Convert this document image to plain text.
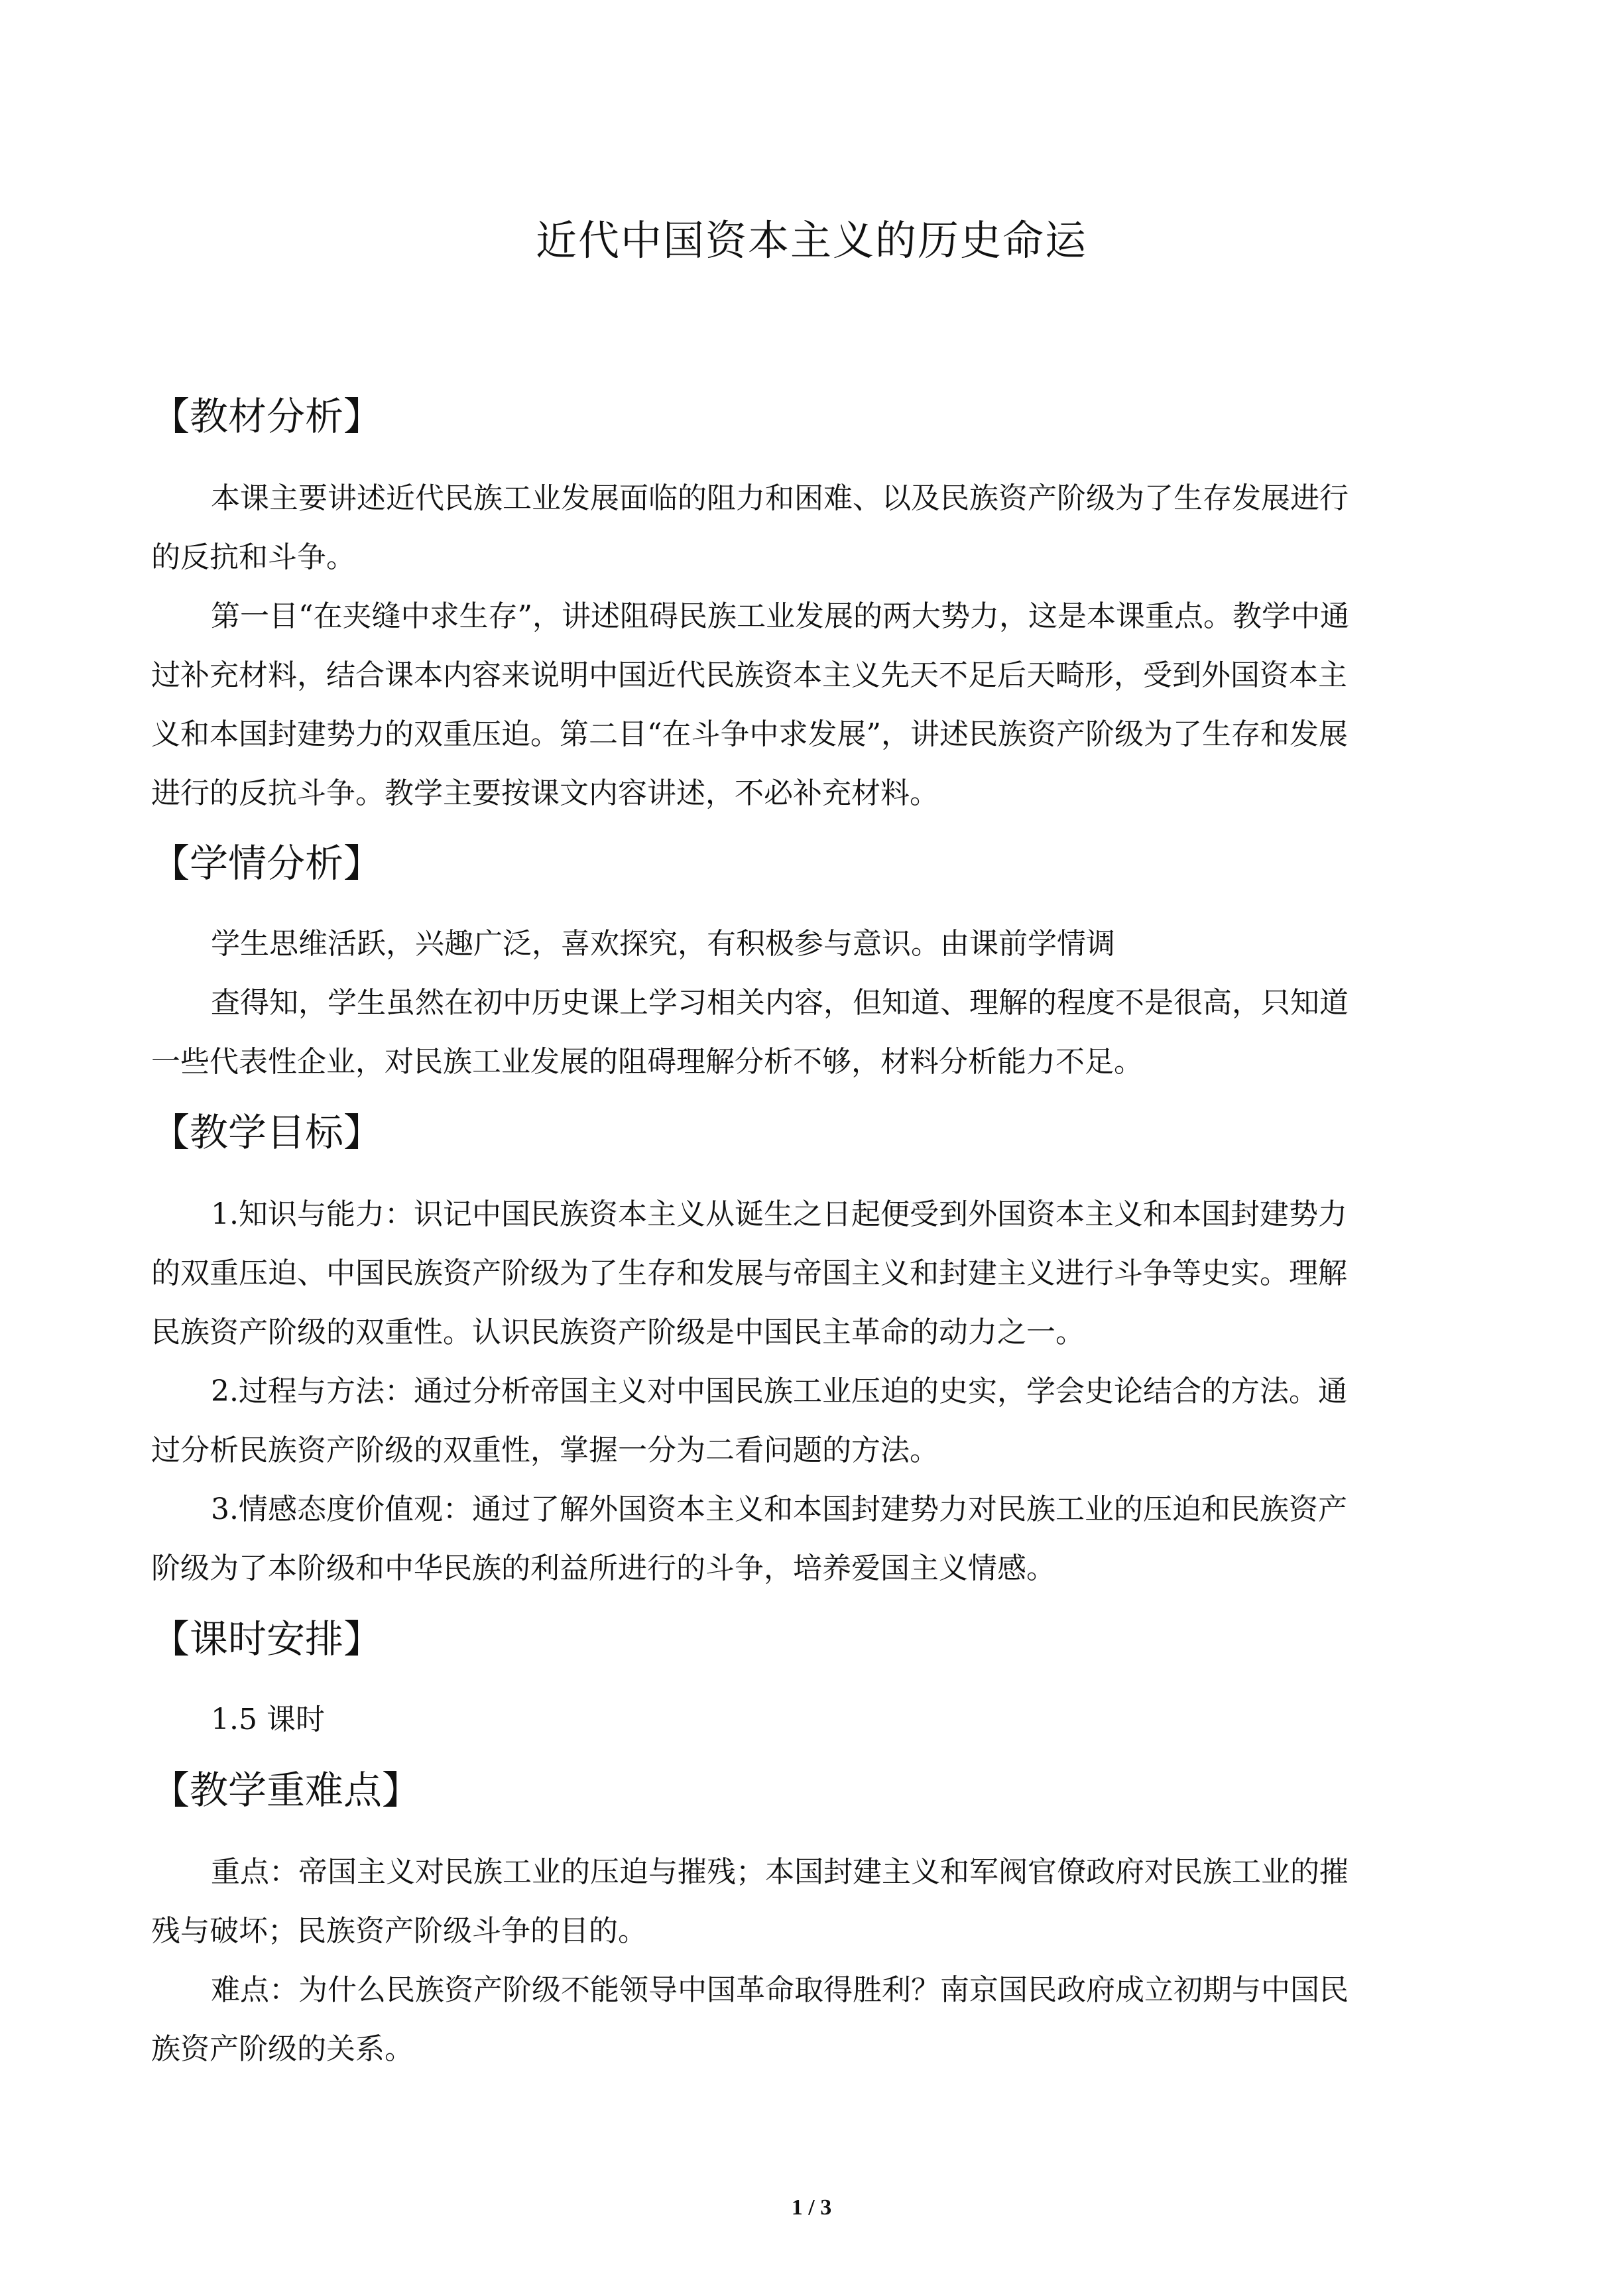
近代中国资本主义的历史命运
【教材分析】

本课主要讲述近代民族工业发展面临的阻力和困难、以及民族资产阶级为了生存发展进行

的反抗和斗争。

第一目“在夹缝中求生存”，讲述阻碍民族工业发展的两大势力，这是本课重点。教学中通

过补充材料，结合课本内容来说明中国近代民族资本主义先天不足后天畸形，受到外国资本主

义和本国封建势力的双重压迫。第二目“在斗争中求发展”，讲述民族资产阶级为了生存和发展

进行的反抗斗争。教学主要按课文内容讲述，不必补充材料。

【学情分析】

学生思维活跃，兴趣广泛，喜欢探究，有积极参与意识。由课前学情调

查得知，学生虽然在初中历史课上学习相关内容，但知道、理解的程度不是很高，只知道

一些代表性企业，对民族工业发展的阻碍理解分析不够，材料分析能力不足。

【教学目标】

1.知识与能力：识记中国民族资本主义从诞生之日起便受到外国资本主义和本国封建势力

的双重压迫、中国民族资产阶级为了生存和发展与帝国主义和封建主义进行斗争等史实。理解

民族资产阶级的双重性。认识民族资产阶级是中国民主革命的动力之一。

2.过程与方法：通过分析帝国主义对中国民族工业压迫的史实，学会史论结合的方法。通

过分析民族资产阶级的双重性，掌握一分为二看问题的方法。

3.情感态度价值观：通过了解外国资本主义和本国封建势力对民族工业的压迫和民族资产

阶级为了本阶级和中华民族的利益所进行的斗争，培养爱国主义情感。

【课时安排】

1.5 课时

【教学重难点】

重点：帝国主义对民族工业的压迫与摧残；本国封建主义和军阀官僚政府对民族工业的摧

残与破坏；民族资产阶级斗争的目的。

难点：为什么民族资产阶级不能领导中国革命取得胜利？南京国民政府成立初期与中国民

族资产阶级的关系。

1 / 3
